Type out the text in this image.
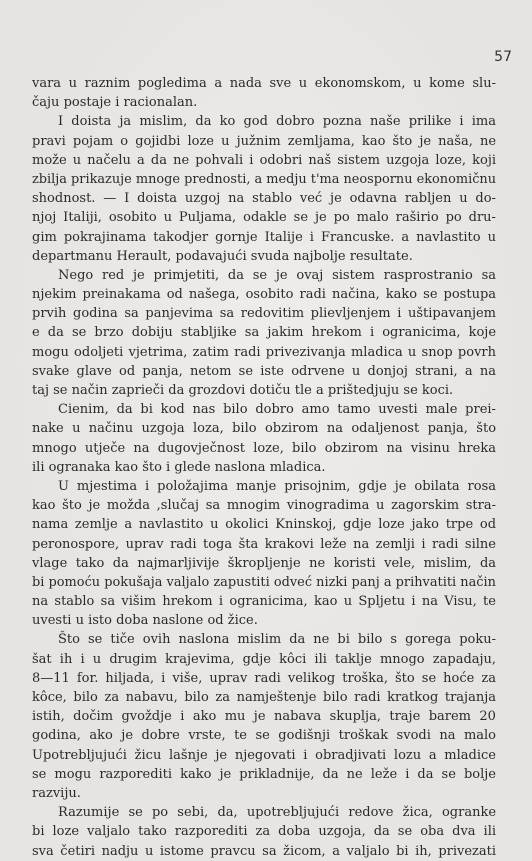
57
vara u raznim pogledima a nada sve u ekonomskom, u kome slu-
čaju postaje i racionalan.
I doista ja mislim, da ko god dobro pozna naše prilike i ima
pravi pojam o gojidbi loze u južnim zemljama, kao što je naša, ne
može u načelu a da ne pohvali i odobri naš sistem uzgoja loze, koji
zbilja prikazuje mnoge prednosti, a medju t'ma neospornu ekonomičnu
shodnost. — I doista uzgoj na stablo već je odavna rabljen u do-
njoj Italiji, osobito u Puljama, odakle se je po malo raširio po dru-
gim pokrajinama takodjer gornje Italije i Francuske. a navlastito u
departmanu Herault, podavajući svuda najbolje resultate.
Nego red je primjetiti, da se je ovaj sistem rasprostranio sa
njekim preinakama od našega, osobito radi načina, kako se postupa
prvih godina sa panjevima sa redovitim plievljenjem i uštipavanjem
e da se brzo dobiju stabljike sa jakim hrekom i ogranicima, koje
mogu odoljeti vjetrima, zatim radi privezivanja mladica u snop povrh
svake glave od panja, netom se iste odrvene u donjoj strani, a na
taj se način zaprieči da grozdovi dotiču tle a prištedjuju se koci.
Cienim, da bi kod nas bilo dobro amo tamo uvesti male prei-
nake u načinu uzgoja loza, bilo obzirom na odaljenost panja, što
mnogo utječe na dugovječnost loze, bilo obzirom na visinu hreka
ili ogranaka kao što i glede naslona mladica.
U mjestima i položajima manje prisojnim, gdje je obilata rosa
kao što je možda ,slučaj sa mnogim vinogradima u zagorskim stra-
nama zemlje a navlastito u okolici Kninskoj, gdje loze jako trpe od
peronospore, uprav radi toga šta krakovi leže na zemlji i radi silne
vlage tako da najmarljivije škropljenje ne koristi vele, mislim, da
bi pomoću pokušaja valjalo zapustiti odveć nizki panj a prihvatiti način
na stablo sa višim hrekom i ogranicima, kao u Spljetu i na Visu, te
uvesti u isto doba naslone od žice.
Što se tiče ovih naslona mislim da ne bi bilo s gorega poku-
šat ih i u drugim krajevima, gdje kôci ili taklje mnogo zapadaju,
8—11 for. hiljada, i više, uprav radi velikog troška, što se hoće za
kôce, bilo za nabavu, bilo za namještenje bilo radi kratkog trajanja
istih, dočim gvoždje i ako mu je nabava skuplja, traje barem 20
godina, ako je dobre vrste, te se godišnji troškak svodi na malo
Upotrebljujući žicu lašnje je njegovati i obradjivati lozu a mladice
se mogu razporediti kako je prikladnije, da ne leže i da se bolje
razviju.
Razumije se po sebi, da, upotrebljujući redove žica, ogranke
bi loze valjalo tako razporediti za doba uzgoja, da se oba dva ili
sva četiri nadju u istome pravcu sa žicom, a valjalo bi ih, privezati
